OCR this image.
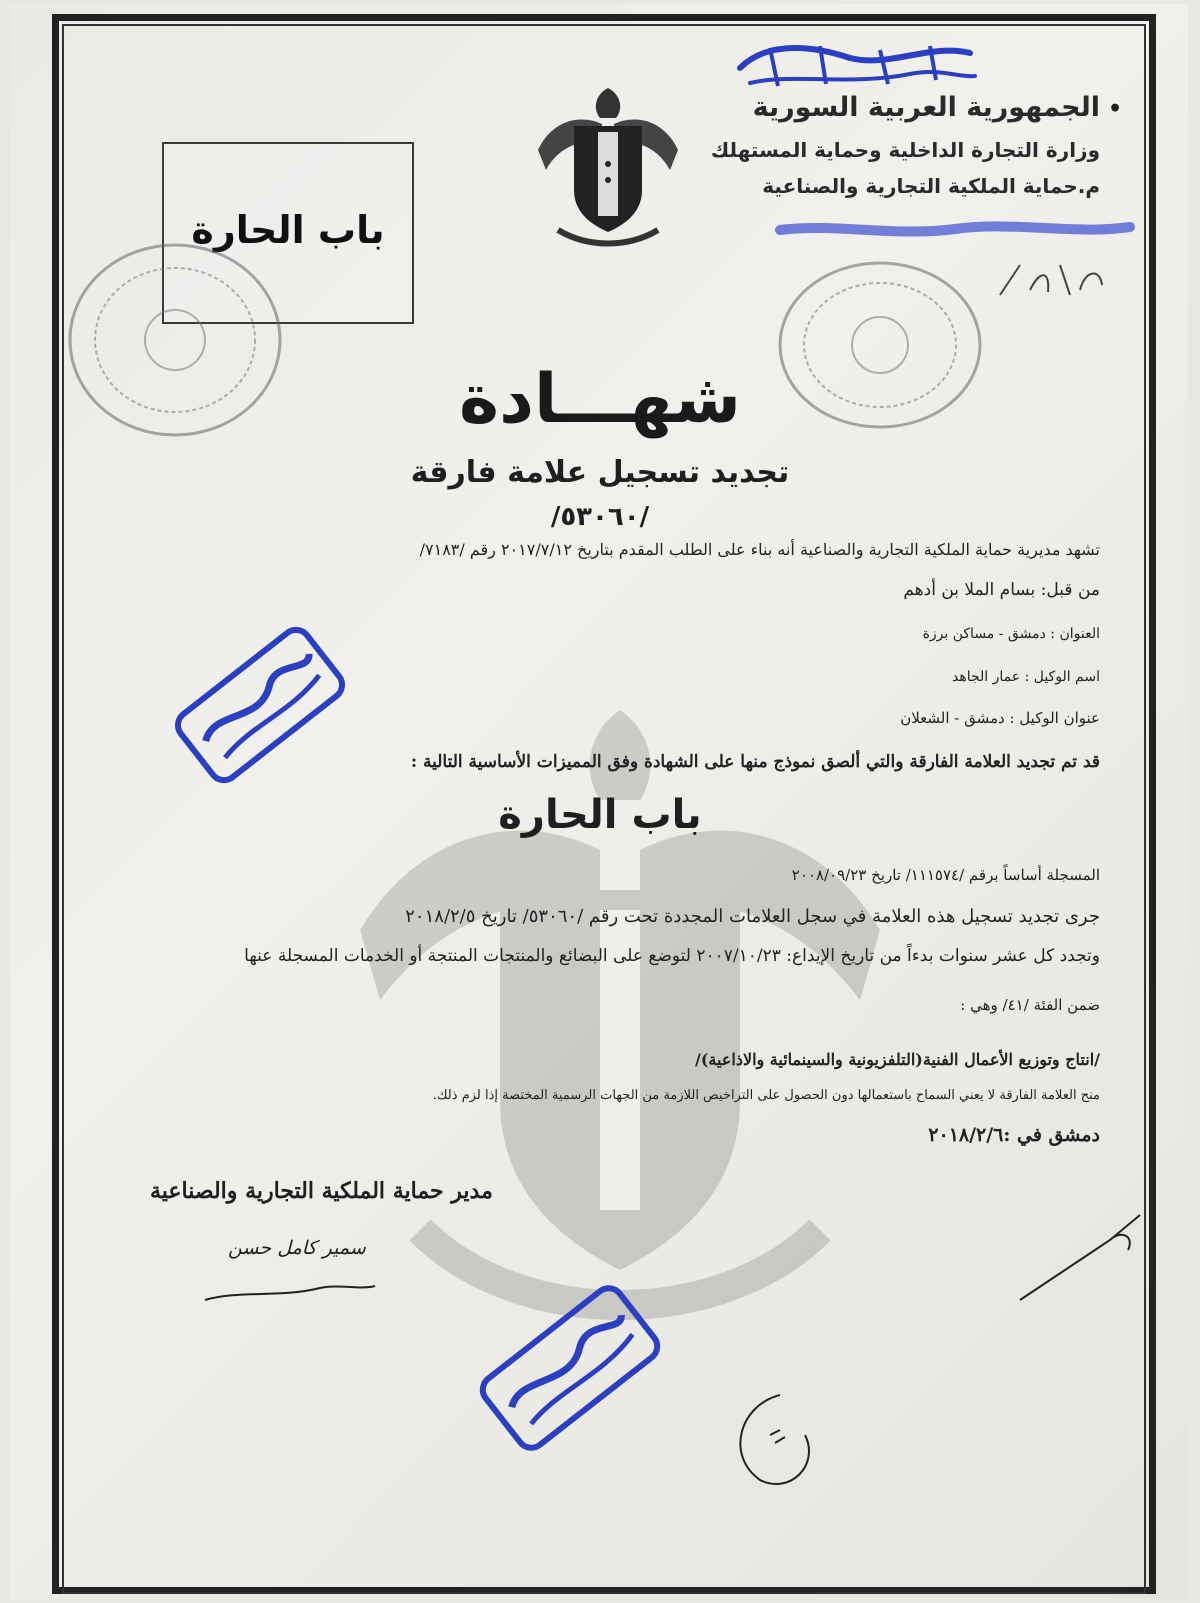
•
الجمهورية العربية السورية
وزارة التجارة الداخلية وحماية المستهلك
م.حماية الملكية التجارية والصناعية
باب الحارة
شهـــادة
تجديد تسجيل علامة فارقة
/٥٣٠٦٠/
تشهد مديرية حماية الملكية التجارية والصناعية أنه بناء على الطلب المقدم بتاريخ ٢٠١٧/٧/١٢ رقم /٧١٨٣/
من قبل: بسام الملا بن أدهم
العنوان : دمشق - مساكن برزة
اسم الوكيل : عمار الجاهد
عنوان الوكيل : دمشق - الشعلان
قد تم تجديد العلامة الفارقة والتي ألصق نموذج منها على الشهادة وفق المميزات الأساسية التالية :
باب الحارة
المسجلة أساساً برقم /١١١٥٧٤/ تاريخ ٢٠٠٨/٠٩/٢٣
جرى تجديد تسجيل هذه العلامة في سجل العلامات المجددة تحت رقم /٥٣٠٦٠/ تاريخ ٢٠١٨/٢/٥
وتجدد كل عشر سنوات بدءاً من تاريخ الإيداع: ٢٠٠٧/١٠/٢٣ لتوضع على البضائع والمنتجات المنتجة أو الخدمات المسجلة عنها
ضمن الفئة /٤١/ وهي :
/انتاج وتوزيع الأعمال الفنية(التلفزيونية والسينمائية والاذاعية)/
منح العلامة الفارقة لا يعني السماح باستعمالها دون الحصول على التراخيص اللازمة من الجهات الرسمية المختصة إذا لزم ذلك.
دمشق في :٢٠١٨/٢/٦
مدير حماية الملكية التجارية والصناعية
سمير كامل حسن
